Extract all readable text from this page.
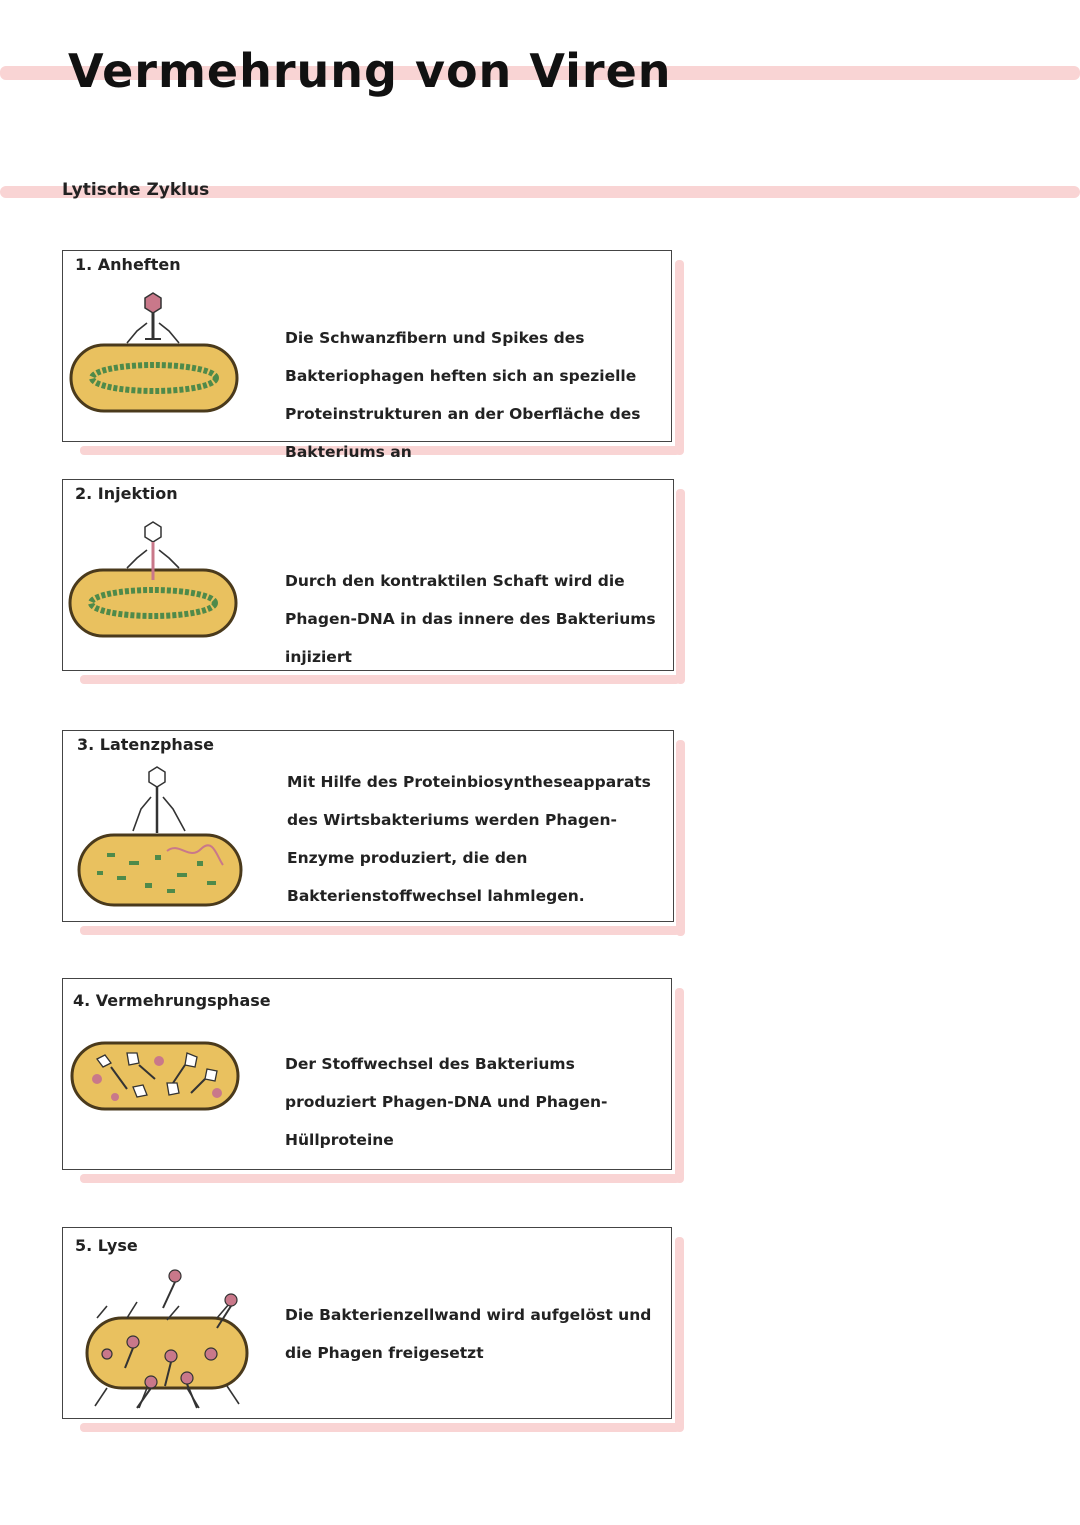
Vermehrung von Viren
Lytische Zyklus
1. Anheften
Die Schwanzfibern und Spikes des Bakteriophagen heften sich an spezielle Proteinstrukturen an der Oberfläche des Bakteriums an
2. Injektion
Durch den kontraktilen Schaft wird die Phagen-DNA in das innere des Bakteriums injiziert
3. Latenzphase
Mit Hilfe des Proteinbiosyntheseapparats des Wirtsbakteriums werden Phagen-Enzyme produziert, die den Bakterienstoffwechsel lahmlegen.
4. Vermehrungsphase
Der Stoffwechsel des Bakteriums produziert Phagen-DNA und Phagen-Hüllproteine
5. Lyse
Die Bakterienzellwand wird aufgelöst und die Phagen freigesetzt
